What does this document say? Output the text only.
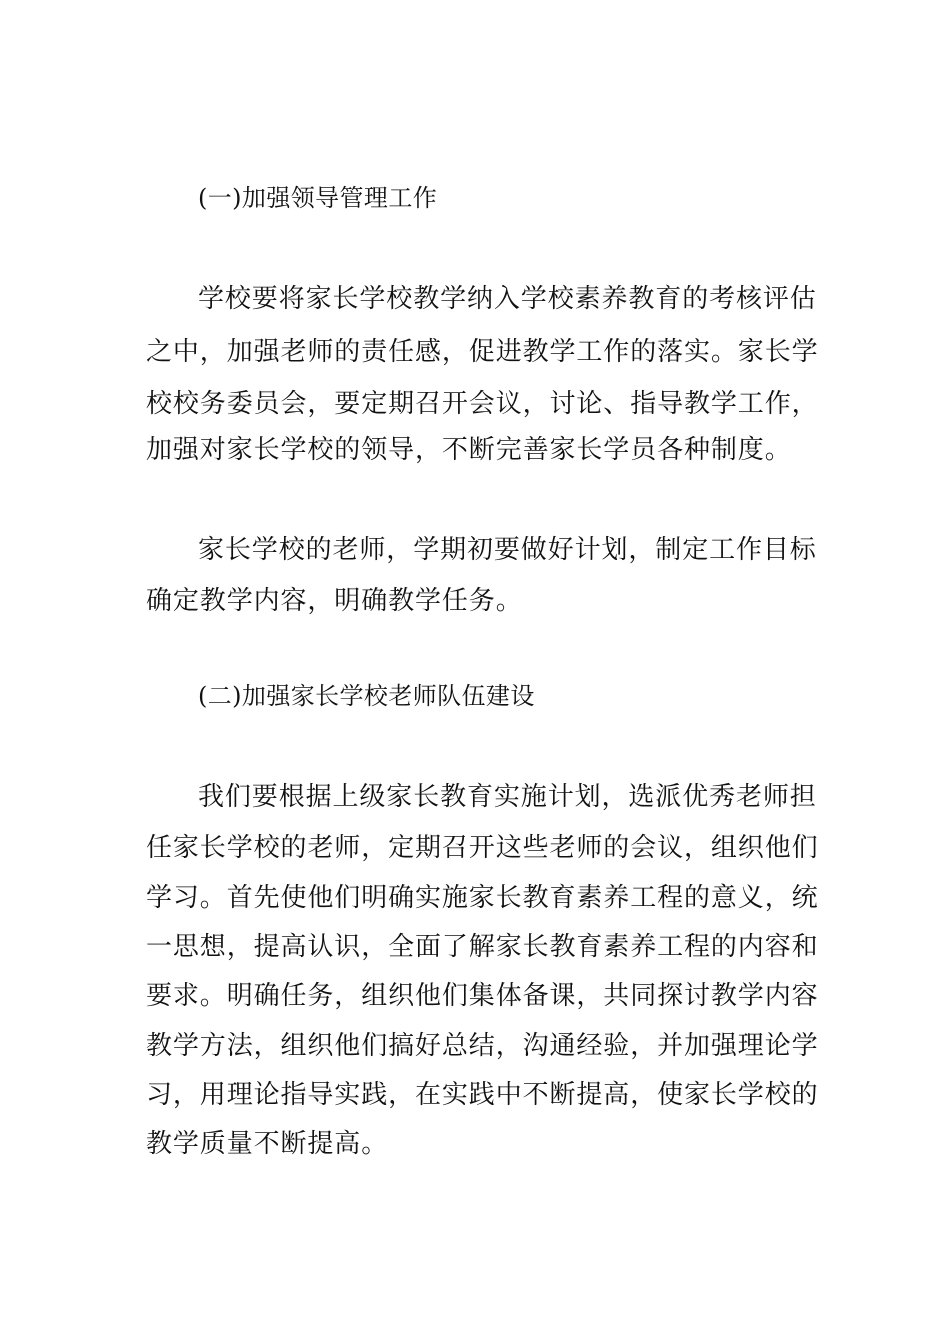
(一)加强领导管理工作
学校要将家长学校教学纳入学校素养教育的考核评估
之中，加强老师的责任感，促进教学工作的落实。家长学
校校务委员会，要定期召开会议，讨论、指导教学工作，
加强对家长学校的领导，不断完善家长学员各种制度。
家长学校的老师，学期初要做好计划，制定工作目标
确定教学内容，明确教学任务。
(二)加强家长学校老师队伍建设
我们要根据上级家长教育实施计划，选派优秀老师担
任家长学校的老师，定期召开这些老师的会议，组织他们
学习。首先使他们明确实施家长教育素养工程的意义，统
一思想，提高认识，全面了解家长教育素养工程的内容和
要求。明确任务，组织他们集体备课，共同探讨教学内容
教学方法，组织他们搞好总结，沟通经验，并加强理论学
习，用理论指导实践，在实践中不断提高，使家长学校的
教学质量不断提高。
